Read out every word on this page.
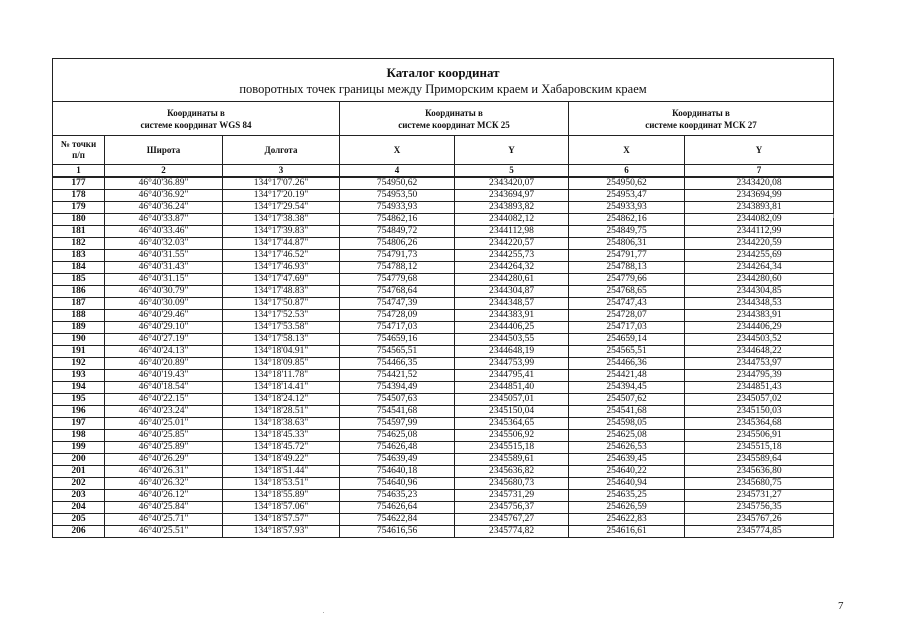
Каталог координат
поворотных точек границы между Приморским краем и Хабаровским краем						

Координаты в
системе координат WGS 84			Координаты в
системе координат МСК 25		Координаты в
системе координат МСК 27	
№ точки
п/п	Широта	Долгота	X	Y	X	Y
1	2	3	4	5	6	7
177	46°40'36.89"	134°17'07.26"	754950,62	2343420,07	254950,62	2343420,08
178	46°40'36.92"	134°17'20.19"	754953,50	2343694,97	254953,47	2343694,99
179	46°40'36.24"	134°17'29.54"	754933,93	2343893,82	254933,93	2343893,81
180	46°40'33.87"	134°17'38.38"	754862,16	2344082,12	254862,16	2344082,09
181	46°40'33.46"	134°17'39.83"	754849,72	2344112,98	254849,75	2344112,99
182	46°40'32.03"	134°17'44.87"	754806,26	2344220,57	254806,31	2344220,59
183	46°40'31.55"	134°17'46.52"	754791,73	2344255,73	254791,77	2344255,69
184	46°40'31.43"	134°17'46.93"	754788,12	2344264,32	254788,13	2344264,34
185	46°40'31.15"	134°17'47.69"	754779,68	2344280,61	254779,66	2344280,60
186	46°40'30.79"	134°17'48.83"	754768,64	2344304,87	254768,65	2344304,85
187	46°40'30.09"	134°17'50.87"	754747,39	2344348,57	254747,43	2344348,53
188	46°40'29.46"	134°17'52.53"	754728,09	2344383,91	254728,07	2344383,91
189	46°40'29.10"	134°17'53.58"	754717,03	2344406,25	254717,03	2344406,29
190	46°40'27.19"	134°17'58.13"	754659,16	2344503,55	254659,14	2344503,52
191	46°40'24.13"	134°18'04.91"	754565,51	2344648,19	254565,51	2344648,22
192	46°40'20.89"	134°18'09.85"	754466,35	2344753,99	254466,36	2344753,97
193	46°40'19.43"	134°18'11.78"	754421,52	2344795,41	254421,48	2344795,39
194	46°40'18.54"	134°18'14.41"	754394,49	2344851,40	254394,45	2344851,43
195	46°40'22.15"	134°18'24.12"	754507,63	2345057,01	254507,62	2345057,02
196	46°40'23.24"	134°18'28.51"	754541,68	2345150,04	254541,68	2345150,03
197	46°40'25.01"	134°18'38.63"	754597,99	2345364,65	254598,05	2345364,68
198	46°40'25.85"	134°18'45.33"	754625,08	2345506,92	254625,08	2345506,91
199	46°40'25.89"	134°18'45.72"	754626,48	2345515,18	254626,53	2345515,18
200	46°40'26.29"	134°18'49.22"	754639,49	2345589,61	254639,45	2345589,64
201	46°40'26.31"	134°18'51.44"	754640,18	2345636,82	254640,22	2345636,80
202	46°40'26.32"	134°18'53.51"	754640,96	2345680,73	254640,94	2345680,75
203	46°40'26.12"	134°18'55.89"	754635,23	2345731,29	254635,25	2345731,27
204	46°40'25.84"	134°18'57.06"	754626,64	2345756,37	254626,59	2345756,35
205	46°40'25.71"	134°18'57.57"	754622,84	2345767,27	254622,83	2345767,26
206	46°40'25.51"	134°18'57.93"	754616,56	2345774,82	254616,61	2345774,85
7
